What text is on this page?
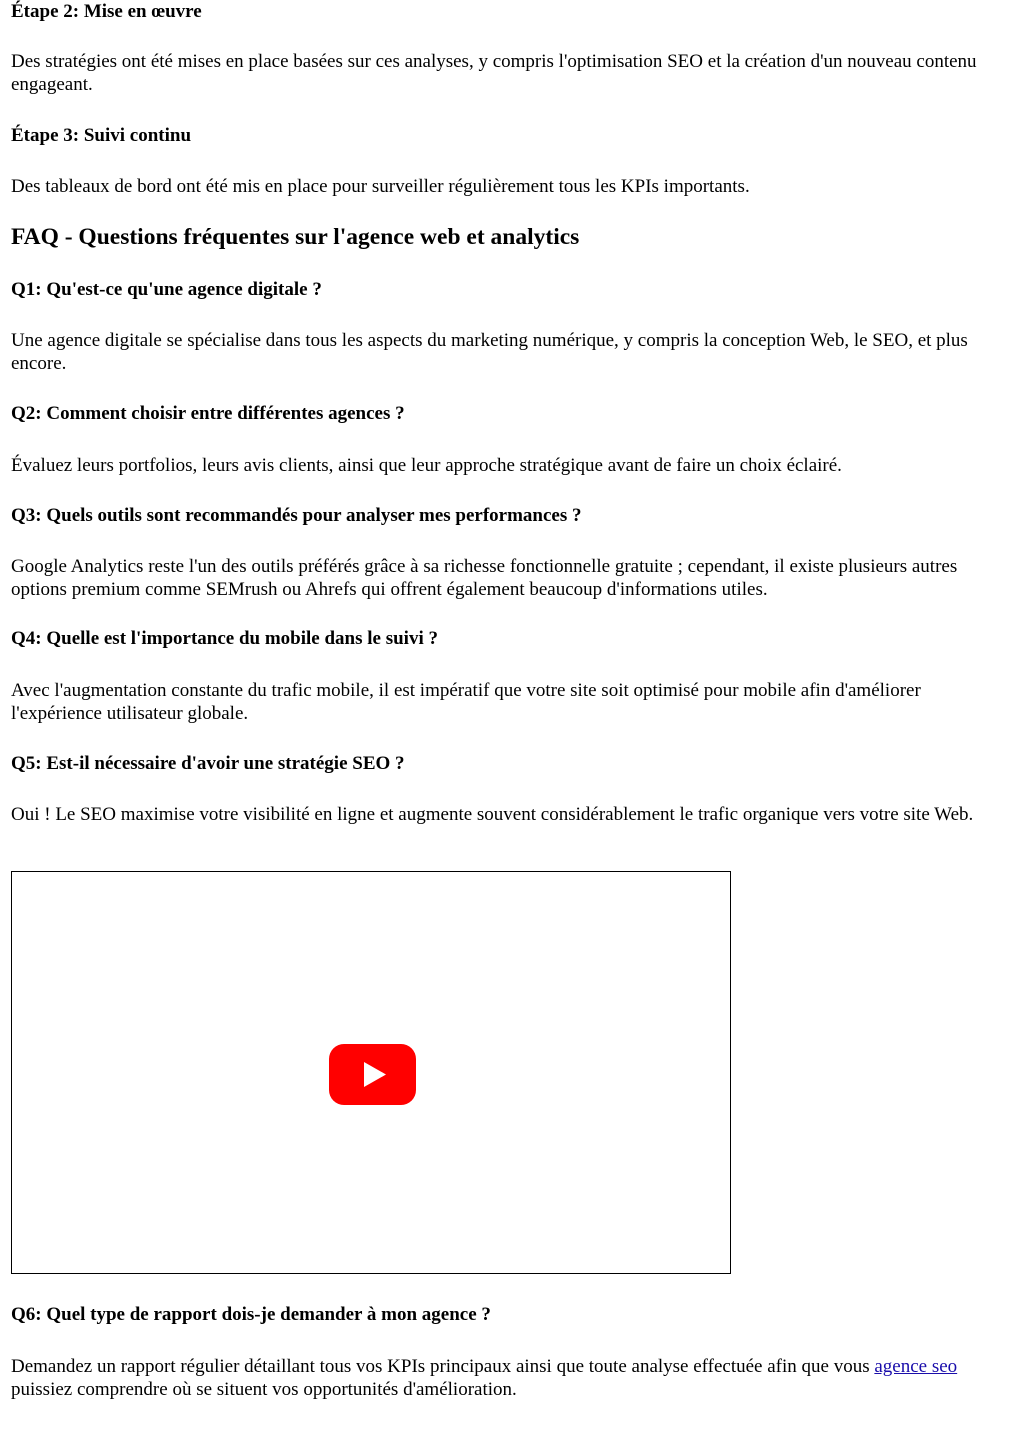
Étape 2: Mise en œuvre

Des stratégies ont été mises en place basées sur ces analyses, y compris l'optimisation SEO et la création d'un nouveau contenu engageant.

Étape 3: Suivi continu

Des tableaux de bord ont été mis en place pour surveiller régulièrement tous les KPIs importants.

FAQ - Questions fréquentes sur l'agence web et analytics
Q1: Qu'est-ce qu'une agence digitale ?

Une agence digitale se spécialise dans tous les aspects du marketing numérique, y compris la conception Web, le SEO, et plus encore.

Q2: Comment choisir entre différentes agences ?

Évaluez leurs portfolios, leurs avis clients, ainsi que leur approche stratégique avant de faire un choix éclairé.

Q3: Quels outils sont recommandés pour analyser mes performances ?

Google Analytics reste l'un des outils préférés grâce à sa richesse fonctionnelle gratuite ; cependant, il existe plusieurs autres options premium comme SEMrush ou Ahrefs qui offrent également beaucoup d'informations utiles.

Q4: Quelle est l'importance du mobile dans le suivi ?

Avec l'augmentation constante du trafic mobile, il est impératif que votre site soit optimisé pour mobile afin d'améliorer l'expérience utilisateur globale.

Q5: Est-il nécessaire d'avoir une stratégie SEO ?

Oui ! Le SEO maximise votre visibilité en ligne et augmente souvent considérablement le trafic organique vers votre site Web.

Q6: Quel type de rapport dois-je demander à mon agence ?

Demandez un rapport régulier détaillant tous vos KPIs principaux ainsi que toute analyse effectuée afin que vous agence seo puissiez comprendre où se situent vos opportunités d'amélioration.
